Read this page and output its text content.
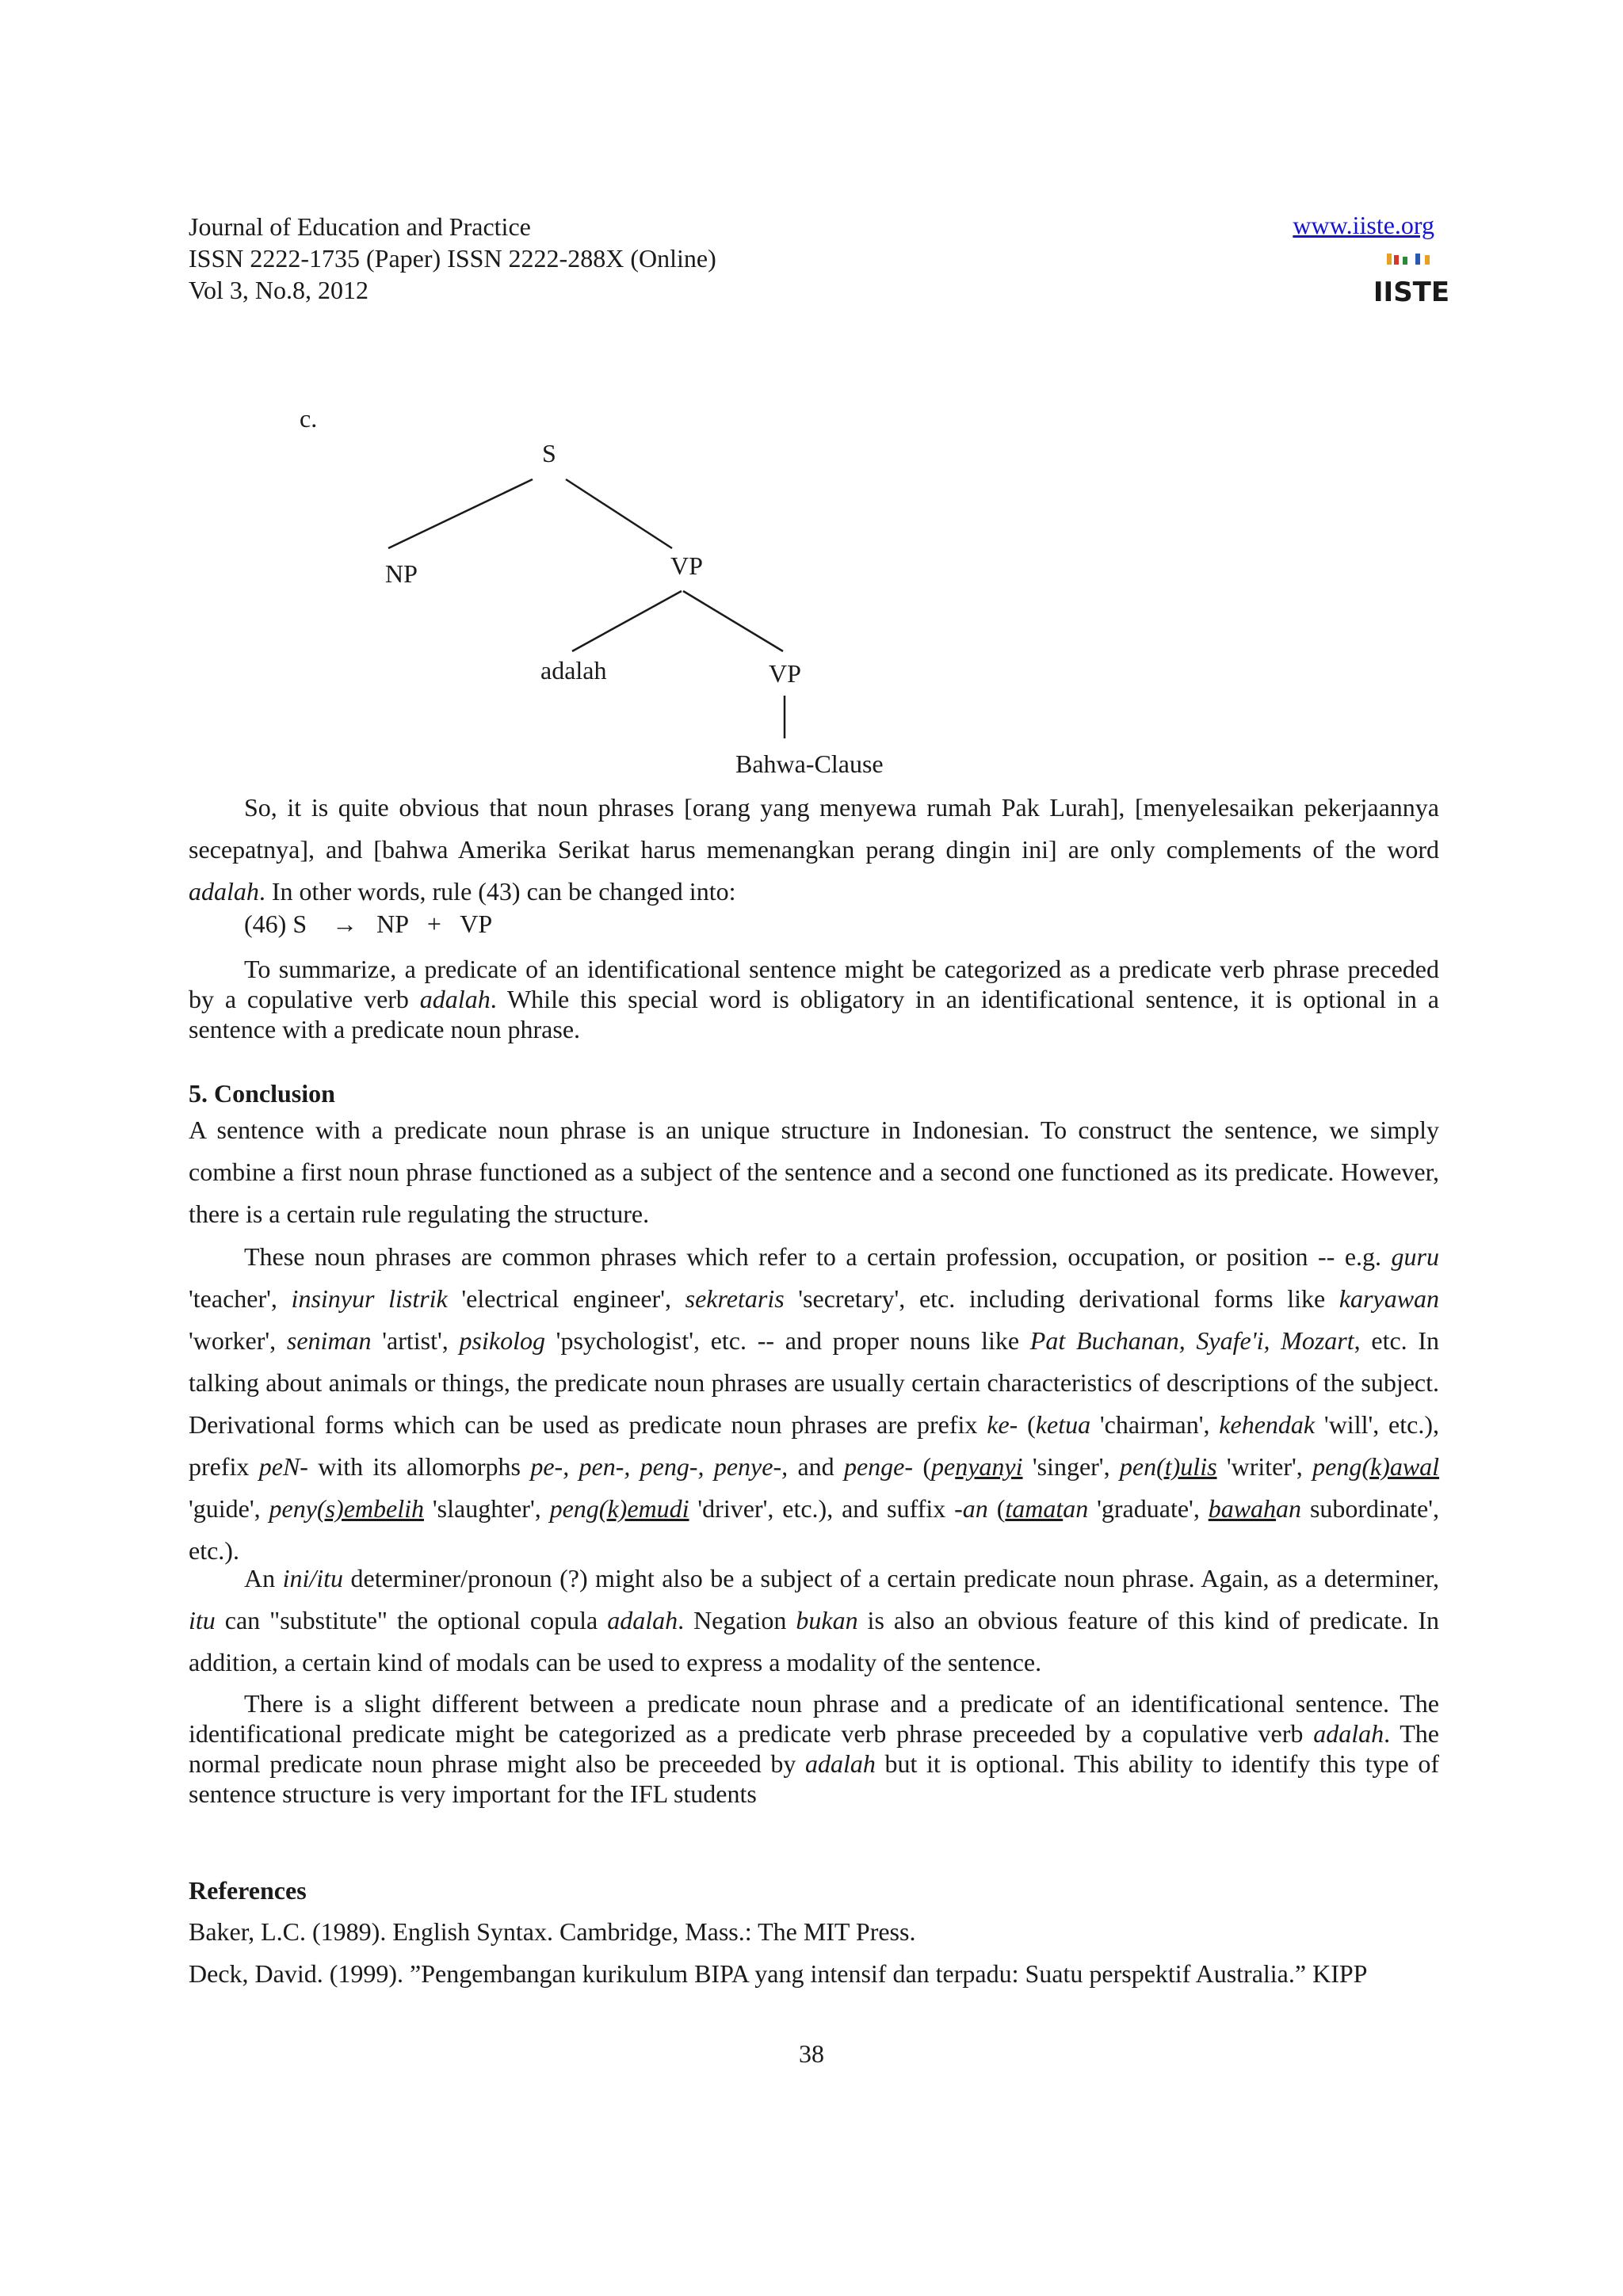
Journal of Education and Practice
ISSN 2222-1735 (Paper) ISSN 2222-288X (Online)
Vol 3, No.8, 2012
www.iiste.org
IISTE
c.
S
NP	VP
adalah	VP
Bahwa-Clause
So, it is quite obvious that noun phrases [orang yang menyewa rumah Pak Lurah], [menyelesaikan pekerjaannya secepatnya], and [bahwa Amerika Serikat harus memenangkan perang dingin ini] are only complements of the word adalah. In other words, rule (43) can be changed into:
(46) S    →   NP   +   VP
To summarize, a predicate of an identificational sentence might be categorized as a predicate verb phrase preceded by a copulative verb adalah. While this special word is obligatory in an identificational sentence, it is optional in a sentence with a predicate noun phrase.
5. Conclusion
A sentence with a predicate noun phrase is an unique structure in Indonesian. To construct the sentence, we simply combine a first noun phrase functioned as a subject of the sentence and a second one functioned as its predicate. However, there is a certain rule regulating the structure.
These noun phrases are common phrases which refer to a certain profession, occupation, or position -- e.g. guru 'teacher', insinyur listrik 'electrical engineer', sekretaris 'secretary', etc. including derivational forms like karyawan 'worker', seniman 'artist', psikolog 'psychologist', etc. -- and proper nouns like Pat Buchanan, Syafe'i, Mozart, etc. In talking about animals or things, the predicate noun phrases are usually certain characteristics of descriptions of the subject. Derivational forms which can be used as predicate noun phrases are prefix ke- (ketua 'chairman', kehendak 'will', etc.), prefix peN- with its allomorphs pe-, pen-, peng-, penye-, and penge- (penyanyi 'singer', pen(t)ulis 'writer', peng(k)awal 'guide', peny(s)embelih 'slaughter', peng(k)emudi 'driver', etc.), and suffix -an (tamatan 'graduate', bawahan subordinate', etc.).
An ini/itu determiner/pronoun (?) might also be a subject of a certain predicate noun phrase. Again, as a determiner, itu can "substitute" the optional copula adalah. Negation bukan is also an obvious feature of this kind of predicate. In addition, a certain kind of modals can be used to express a modality of the sentence.
There is a slight different between a predicate noun phrase and a predicate of an identificational sentence. The identificational predicate might be categorized as a predicate verb phrase preceeded by a copulative verb adalah. The normal predicate noun phrase might also be preceeded by adalah but it is optional. This ability to identify this type of sentence structure is very important for the IFL students
References
Baker, L.C. (1989). English Syntax. Cambridge, Mass.: The MIT Press.
Deck, David. (1999). ”Pengembangan kurikulum BIPA yang intensif dan terpadu: Suatu perspektif Australia.” KIPP
38
